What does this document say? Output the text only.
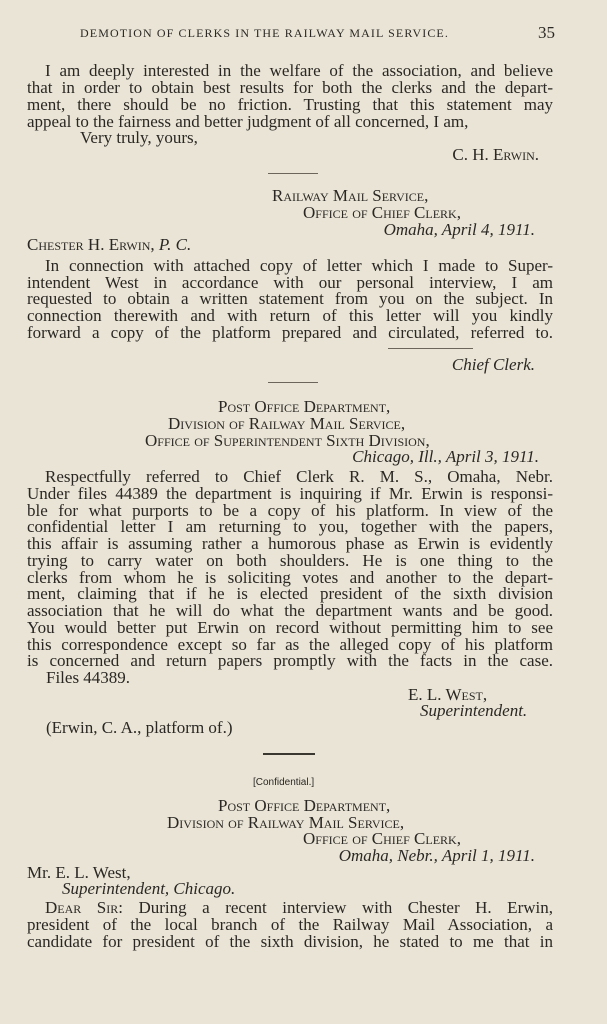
DEMOTION OF CLERKS IN THE RAILWAY MAIL SERVICE.	35
I am deeply interested in the welfare of the association, and believe
that in order to obtain best results for both the clerks and the depart-
ment, there should be no friction. Trusting that this statement may
appeal to the fairness and better judgment of all concerned, I am,
Very truly, yours,
C. H. Erwin.
Railway Mail Service,
Office of Chief Clerk,
Omaha, April 4, 1911.
Chester H. Erwin, P. C.
In connection with attached copy of letter which I made to Super-
intendent West in accordance with our personal interview, I am
requested to obtain a written statement from you on the subject. In
connection therewith and with return of this letter will you kindly
forward a copy of the platform prepared and circulated, referred to.
Chief Clerk.
Post Office Department,
Division of Railway Mail Service,
Office of Superintendent Sixth Division,
Chicago, Ill., April 3, 1911.
Respectfully referred to Chief Clerk R. M. S., Omaha, Nebr.
Under files 44389 the department is inquiring if Mr. Erwin is responsi-
ble for what purports to be a copy of his platform. In view of the
confidential letter I am returning to you, together with the papers,
this affair is assuming rather a humorous phase as Erwin is evidently
trying to carry water on both shoulders. He is one thing to the
clerks from whom he is soliciting votes and another to the depart-
ment, claiming that if he is elected president of the sixth division
association that he will do what the department wants and be good.
You would better put Erwin on record without permitting him to see
this correspondence except so far as the alleged copy of his platform
is concerned and return papers promptly with the facts in the case.
Files 44389.
E. L. West,
Superintendent.
(Erwin, C. A., platform of.)
[Confidential.]
Post Office Department,
Division of Railway Mail Service,
Office of Chief Clerk,
Omaha, Nebr., April 1, 1911.
Mr. E. L. West,
Superintendent, Chicago.
Dear Sir: During a recent interview with Chester H. Erwin,
president of the local branch of the Railway Mail Association, a
candidate for president of the sixth division, he stated to me that in
